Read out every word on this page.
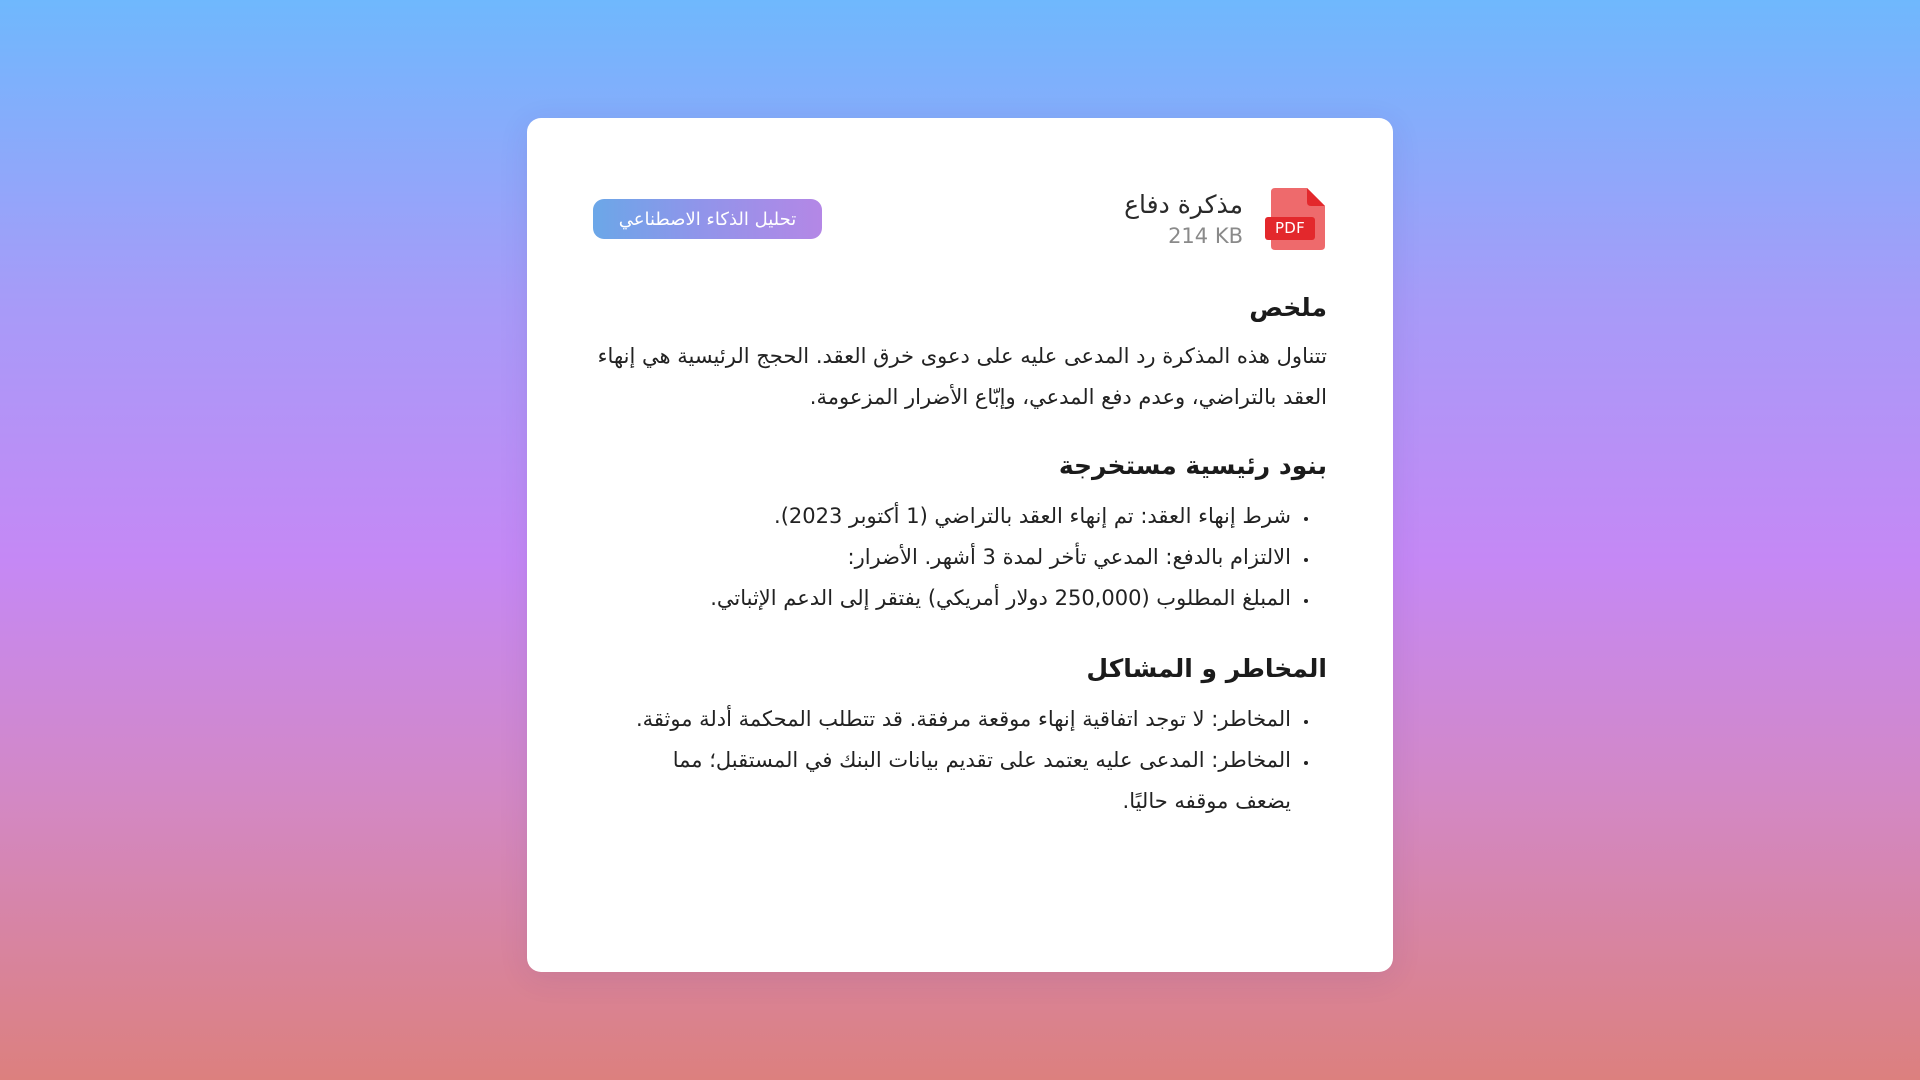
PDF
مذكرة دفاع
214 KB
تحليل الذكاء الاصطناعي
ملخص

تتناول هذه المذكرة رد المدعى عليه على دعوى خرق العقد. الحجج الرئيسية هي إنهاء العقد بالتراضي، وعدم دفع المدعي، وإبّاع الأضرار المزعومة.

بنود رئيسية مستخرجة
• شرط إنهاء العقد: تم إنهاء العقد بالتراضي (1 أكتوبر 2023).
• الالتزام بالدفع: المدعي تأخر لمدة 3 أشهر. الأضرار:
• المبلغ المطلوب (250,000 دولار أمريكي) يفتقر إلى الدعم الإثباتي.
المخاطر و المشاكل
• المخاطر: لا توجد اتفاقية إنهاء موقعة مرفقة. قد تتطلب المحكمة أدلة موثقة.
• المخاطر: المدعى عليه يعتمد على تقديم بيانات البنك في المستقبل؛ مما يضعف موقفه حاليًا.
